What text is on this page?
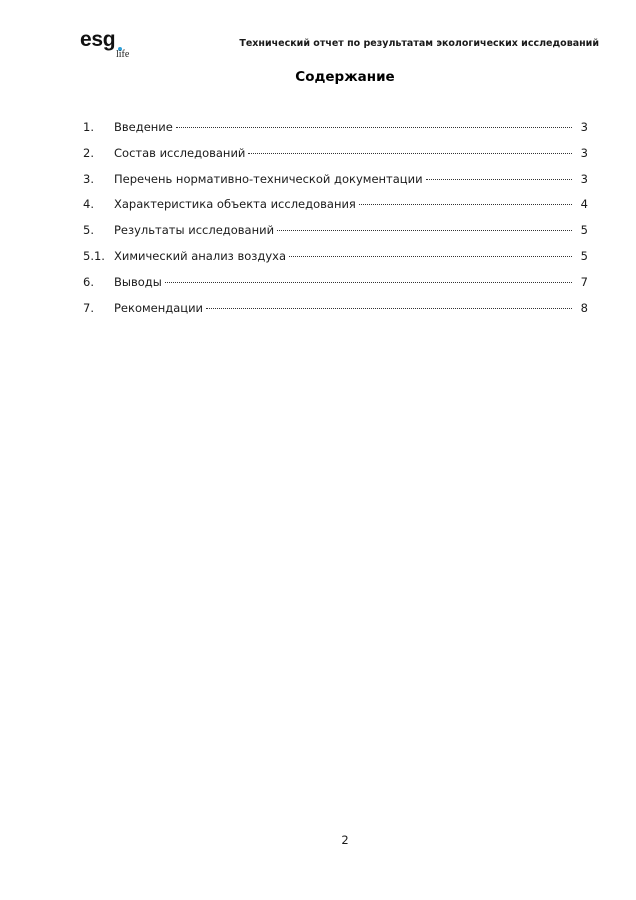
esg
life
Технический отчет по результатам экологических исследований
Содержание
1.	Введение	3
2.	Состав исследований	3
3.	Перечень нормативно-технической документации	3
4.	Характеристика объекта исследования	4
5.	Результаты исследований	5
5.1. Химический анализ воздуха	5
6.	Выводы	7
7.	Рекомендации	8
2
